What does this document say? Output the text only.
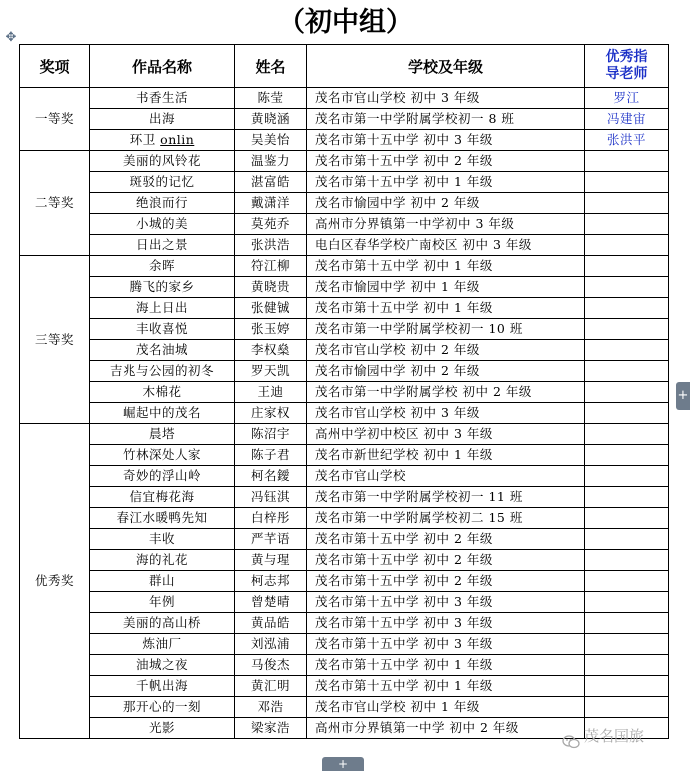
（初中组）
✥
奖项	作品名称	姓名	学校及年级	优秀指
导老师
一等奖	书香生活	陈莹	茂名市官山学校 初中 3 年级	罗江
	出海	黄晓涵	茂名市第一中学附属学校初一 8 班	冯建宙
	环卫 onlin	吴美怡	茂名市第十五中学 初中 3 年级	张洪平
二等奖	美丽的风铃花	温鉴力	茂名市第十五中学 初中 2 年级	
	斑驳的记忆	湛富皓	茂名市第十五中学 初中 1 年级	
	绝浪而行	戴潇洋	茂名市愉园中学 初中 2 年级	
	小城的美	莫苑乔	高州市分界镇第一中学初中 3 年级	
	日出之景	张洪浩	电白区春华学校广南校区 初中 3 年级	
三等奖	余晖	符江柳	茂名市第十五中学 初中 1 年级	
	腾飞的家乡	黄晓贵	茂名市愉园中学 初中 1 年级	
	海上日出	张健铖	茂名市第十五中学 初中 1 年级	
	丰收喜悦	张玉婷	茂名市第一中学附属学校初一 10 班	
	茂名油城	李权燊	茂名市官山学校 初中 2 年级	
	吉兆与公园的初冬	罗天凯	茂名市愉园中学 初中 2 年级	
	木棉花	王迪	茂名市第一中学附属学校 初中 2 年级	
	崛起中的茂名	庄家权	茂名市官山学校 初中 3 年级	
优秀奖	晨塔	陈沼宇	高州中学初中校区 初中 3 年级	
	竹林深处人家	陈子君	茂名市新世纪学校 初中 1 年级	
	奇妙的浮山岭	柯名鑀	茂名市官山学校	
	信宜梅花海	冯钰淇	茂名市第一中学附属学校初一 11 班	
	春江水暖鸭先知	白梓彤	茂名市第一中学附属学校初二 15 班	
	丰收	严芊语	茂名市第十五中学 初中 2 年级	
	海的礼花	黄与瑆	茂名市第十五中学 初中 2 年级	
	群山	柯志邦	茂名市第十五中学 初中 2 年级	
	年例	曾楚晴	茂名市第十五中学 初中 3 年级	
	美丽的高山桥	黄品皓	茂名市第十五中学 初中 3 年级	
	炼油厂	刘泓浦	茂名市第十五中学 初中 3 年级	
	油城之夜	马俊杰	茂名市第十五中学 初中 1 年级	
	千帆出海	黄汇明	茂名市第十五中学 初中 1 年级	
	那开心的一刻	邓浩	茂名市官山学校 初中 1 年级	
	光影	梁家浩	高州市分界镇第一中学 初中 2 年级	
+
+
茂名国旅
